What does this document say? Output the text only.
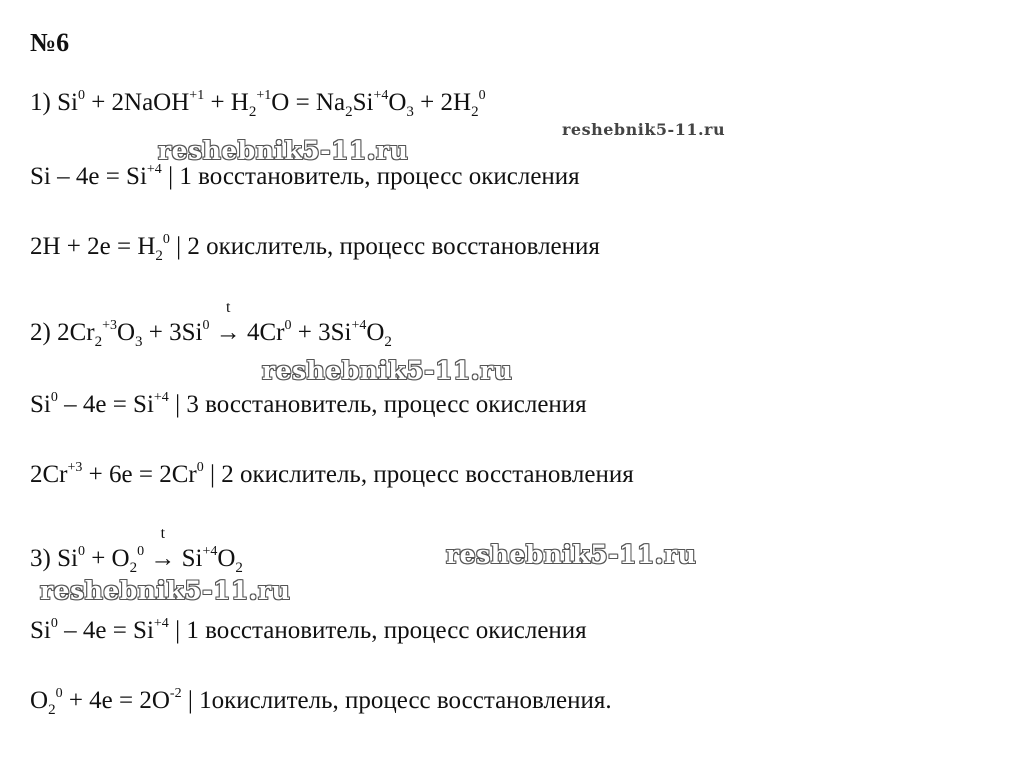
№6
1) $Si^0$ + 2NaOH$^{+1}$ + $H_2^{+1}O = Na_2Si^{+4}O_3 + 2H_2^0$
$Si - 4e = Si^{+4}$ | 1 восстановитель, процесс окисления
$2H + 2e = H_2^0$ | 2 окислитель, процесс восстановления
2) $2Cr_2^{+3}O_3 + 3Si^0$
t
→ $4Cr^0 + 3Si^{+4}O_2$
$Si^0 - 4e = Si^{+4}$ | 3 восстановитель, процесс окисления
$2Cr^{+3} + 6e = 2Cr^0$ | 2 окислитель, процесс восстановления
3) $Si^0 + O_2^0$
t
→ $Si^{+4}O_2$
$Si^0 - 4e = Si^{+4}$ | 1 восстановитель, процесс окисления
$O_2^0 + 4e = 2O^{-2}$ | 1окислитель, процесс восстановления.
reshebnik5-11.ru
reshebnik5-11.ru
reshebnik5-11.ru
reshebnik5-11.ru
reshebnik5-11.ru
